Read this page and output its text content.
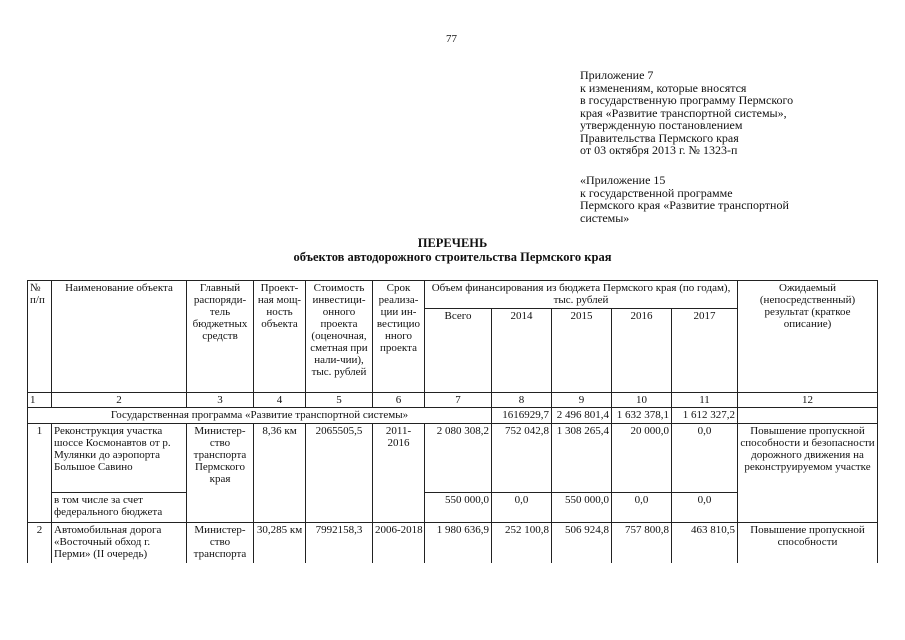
77
Приложение 7
к изменениям, которые вносятся
в государственную программу Пермского
края «Развитие транспортной системы»,
утвержденную постановлением
Правительства Пермского края
от 03 октября 2013 г. № 1323-п
«Приложение 15
к государственной программе
Пермского края «Развитие транспортной
системы»
ПЕРЕЧЕНЬ
объектов автодорожного строительства Пермского края
№ п/п	Наименование объекта	Главный распоряди-тель бюджетных средств	Проект-ная мощ-ность объекта	Стоимость инвестици-онного проекта (оценочная, сметная при нали-чии), тыс. рублей	Срок реализа-ции ин-вестицио нного проекта	Объем финансирования из бюджета Пермского края (по годам), тыс. рублей					Ожидаемый (непосредственный) результат (краткое описание)
						Всего	2014	2015	2016	2017	
1	2	3	4	5	6	7	8	9	10	11	12
Государственная программа «Развитие транспортной системы»							1616929,7	2 496 801,4	1 632 378,1	1 612 327,2	
1	Реконструкция участка шоссе Космонавтов от р. Мулянки до аэропорта Большое Савино	Министер-ство транспорта Пермского края	8,36 км	2065505,5	2011-2016	2 080 308,2	752 042,8	1 308 265,4	20 000,0	0,0	Повышение пропускной способности и безопасности дорожного движения на реконструируемом участке
	в том числе за счет федерального бюджета					550 000,0	0,0	550 000,0	0,0	0,0	
2	Автомобильная дорога «Восточный обход г. Перми» (II очередь)	Министер-ство транспорта	30,285 км	7992158,3	2006-2018	1 980 636,9	252 100,8	506 924,8	757 800,8	463 810,5	Повышение пропускной способности
